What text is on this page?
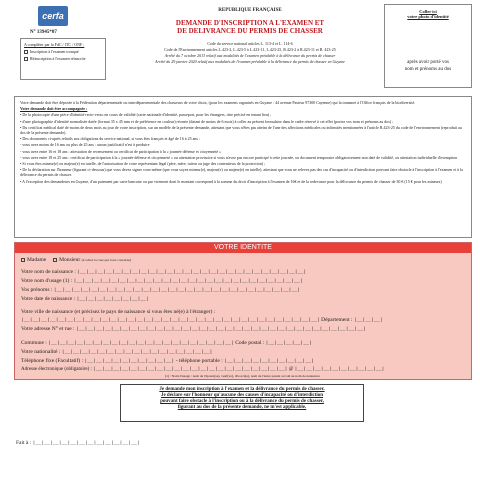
cerfa
N° 13945*07
A compléter par la FdC / ITC / ONF :
Inscription à l'examen tronqué
Réinscription à l'examen réinscrite
REPUBLIQUE FRANÇAISE
DEMANDE D'INSCRIPTION A L'EXAMEN ET
DE DELIVRANCE DU PERMIS DE CHASSER
Code du service national articles L. 113-4 et L. 114-6
Code de l'Environnement articles L.423-2, L.423-5 à L.423-11, L.423-25, R.423-2 à R.423-11 et R. 423-25
Arrêté du 7 octobre 2013 relatif aux modalités de l'examen préalable à la délivrance du permis de chasser
Arrêté du 29 janvier 2020 relatif aux modalités de l'examen préalable à la délivrance du permis de chasser en Guyane
Coller ici
votre photo d'identité
après avoir porté vos
nom et prénoms au dos

Votre demande doit être déposée à la Fédération départementale ou interdépartementale des chasseurs de votre choix, (pour les examens organisés en Guyane : 44 avenue Pasteur 97300 Cayenne) qui la transmet à l'Office français de la biodiversité.

Votre demande doit être accompagnée :

• De la photocopie d'une pièce d'identité recto-verso en cours de validité (carte nationale d'identité, passeport, pour les étrangers, titre précisé en tenant lieu) ;

• d'une photographie d'identité normalisée datée (format 35 x 45 mm et de préférence en couleur) récente (datant de moins de 6 mois) à coller au présent formulaire dans le cadre réservé à cet effet (portez vos nom et prénoms au dos) ;

• Du certificat médical daté de moins de deux mois au jour de votre inscription, sur un modèle de la présente demande, attestant que vous n'êtes pas atteint de l'une des affections médicales ou infirmités mentionnées à l'article R.423-25 du code de l'environnement (reproduit au dos de la présente demande).

• Des documents ci-après relatifs aux obligations du service national, si vous êtes français et âgé de 16 à 25 ans :

- vous avez moins de 16 ans ou plus de 25 ans : aucun justificatif n'est à produire

- vous avez entre 16 et 18 ans : attestation de recensement ou certificat de participation à la « journée défense et citoyenneté »

- vous avez entre 18 et 25 ans : certificat de participation à la « journée défense et citoyenneté » ou attestation provisoire si vous n'avez pas encore participé à cette journée, ou document temporaire obligatoirement non daté de validité, ou attestation individuelle d'exemption

• Si vous êtes mineur(e) ou majeur(e) en tutelle, de l'autorisation de votre représentant légal (père, mère, tuteur ou juge des contentieux de la protection) ;

• De la déclaration sur l'honneur (figurant ci-dessous) que vous devez signer vous-même (que vous soyez mineur(e), majeur(e) ou majeur(e) en tutelle), attestant que vous ne relevez pas des cas d'incapacité ou d'interdiction pouvant faire obstacle à l'inscription à l'examen et à la délivrance du permis de chasser.

• A l'exception des demandeurs en Guyane, d'un paiement par carte bancaire ou par virement dont le montant correspond à la somme du droit d'inscription à l'examen de 16€ et de la redevance pour la délivrance du permis de chasser de 30 € (15 € pour les mineurs)

VOTRE IDENTITE
Madame Monsieur (Cochez la case qui vous concerne)
Votre nom de naissance : |__|__|__|__|__|__|__|__|__|__|__|__|__|__|__|__|__|__|__|__|__|__|__|__|__|__|
Votre nom d'usage (1) : |__|__|__|__|__|__|__|__|__|__|__|__|__|__|__|__|__|__|__|__|__|__|__|__|__|__|
Vos prénoms : |__|__|__|__|__|__|__|__|__|__|__|__|__|__|__|__|__|__|__|__|__|__|__|__|__|__|__|__|
Votre date de naissance : |__|__|__|__|__|__|__|__|
Votre ville de naissance (et précisez le pays de naissance si vous êtes né(e) à l'étranger) :
|__|__|__|__|__|__|__|__|__|__|__|__|__|__|__|__|__|__|__|__|__|__|__|__|__|__|__|__|__|__|__|__|__|__| Département : |__|__|__|
Votre adresse N° et rue : |__|__|__|__|__|__|__|__|__|__|__|__|__|__|__|__|__|__|__|__|__|__|__|__|__|__|__|__|__|__|__|__|__|
Commune : |__|__|__|__|__|__|__|__|__|__|__|__|__|__|__|__|__|__|__|__|__| Code postal : |__|__|__|__|__|
Votre nationalité : |__|__|__|__|__|__|__|__|__|__|__|__|__|__|__|__|__|
Téléphone fixe (Facultatif) : |__|__|__|__|__|__|__|__|__|__| - téléphone portable : |__|__|__|__|__|__|__|__|__|__|
Adresse électronique (obligatoire) : |__|__|__|__|__|__|__|__|__|__|__|__|__|__|__|__|__|__|__|__|__|__| @ |__|__|__|__|__|__|__|__|__|__|
(1) : Nom d'usage : nom de l'époux(se), veuf(ve), divorcé(e), nom de l'autre parent accolé au nom de naissance
Je demande mon inscription à l'examen et la délivrance du permis de chasser.
Je déclare sur l'honneur qu'aucune des causes d'incapacité ou d'interdiction
pouvant faire obstacle à l'inscription ou à la délivrance du permis de chasser,
figurant au dos de la présente demande, ne m'est applicable.
Fait à : |__|__|__|__|__|__|__|__|__|__|__|__|
